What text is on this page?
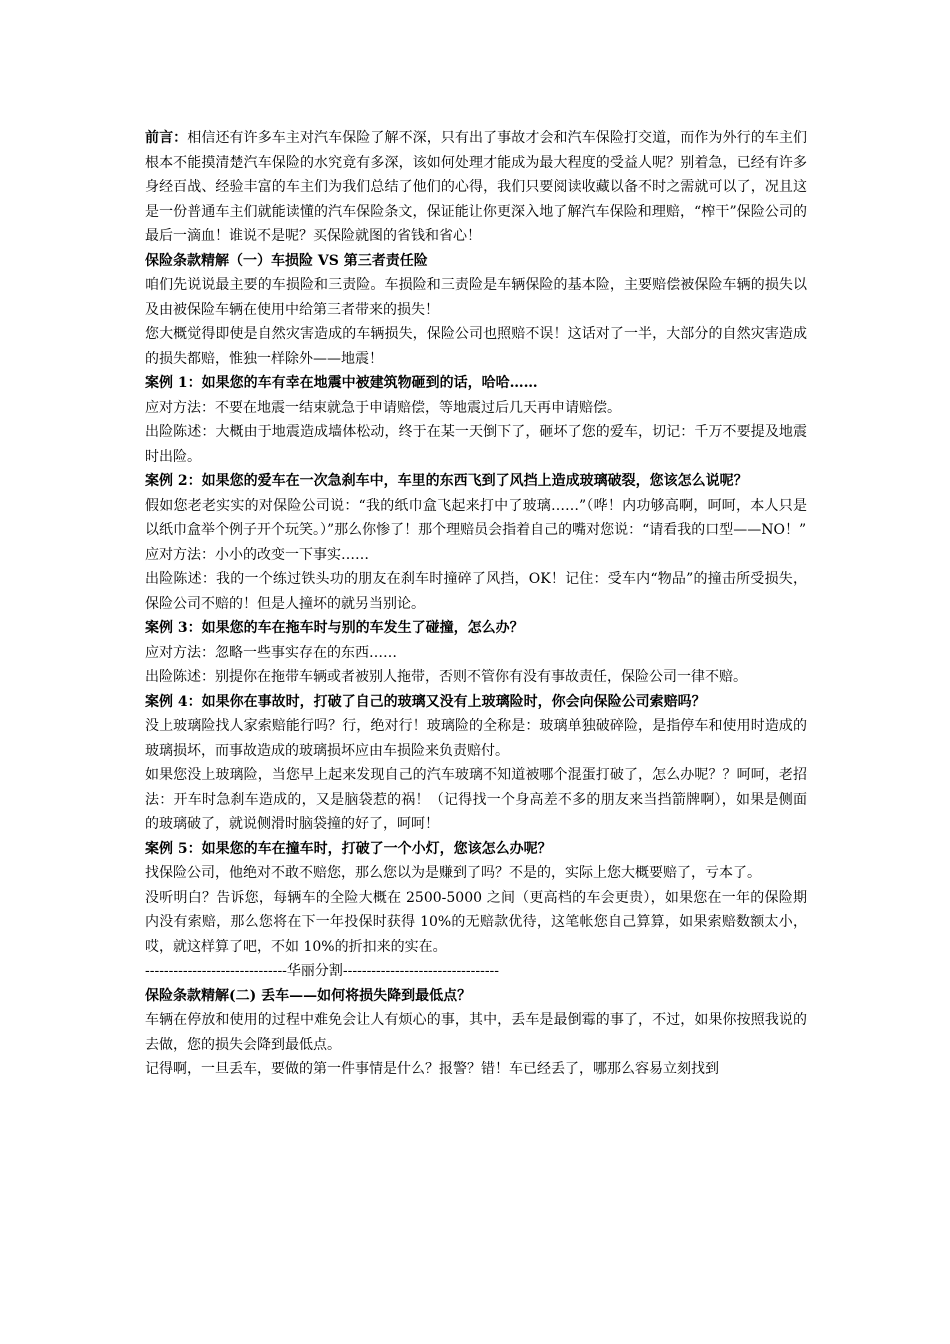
前言：相信还有许多车主对汽车保险了解不深，只有出了事故才会和汽车保险打交道，而作为外行的车主们根本不能摸清楚汽车保险的水究竟有多深，该如何处理才能成为最大程度的受益人呢？别着急，已经有许多身经百战、经验丰富的车主们为我们总结了他们的心得，我们只要阅读收藏以备不时之需就可以了，况且这是一份普通车主们就能读懂的汽车保险条文，保证能让你更深入地了解汽车保险和理赔，“榨干”保险公司的最后一滴血！谁说不是呢？买保险就图的省钱和省心！

保险条款精解（一）车损险 VS 第三者责任险

咱们先说说最主要的车损险和三责险。车损险和三责险是车辆保险的基本险，主要赔偿被保险车辆的损失以及由被保险车辆在使用中给第三者带来的损失！

您大概觉得即使是自然灾害造成的车辆损失，保险公司也照赔不误！这话对了一半，大部分的自然灾害造成的损失都赔，惟独一样除外——地震！

案例 1：如果您的车有幸在地震中被建筑物砸到的话，哈哈……

应对方法：不要在地震一结束就急于申请赔偿，等地震过后几天再申请赔偿。

出险陈述：大概由于地震造成墙体松动，终于在某一天倒下了，砸坏了您的爱车，切记：千万不要提及地震时出险。

案例 2：如果您的爱车在一次急刹车中，车里的东西飞到了风挡上造成玻璃破裂，您该怎么说呢？

假如您老老实实的对保险公司说：“我的纸巾盒飞起来打中了玻璃……”（哗！内功够高啊，呵呵，本人只是以纸巾盒举个例子开个玩笑。）”那么你惨了！那个理赔员会指着自己的嘴对您说：“请看我的口型——NO！”

应对方法：小小的改变一下事实……

出险陈述：我的一个练过铁头功的朋友在刹车时撞碎了风挡，OK！记住：受车内“物品”的撞击所受损失，保险公司不赔的！但是人撞坏的就另当别论。

案例 3：如果您的车在拖车时与别的车发生了碰撞，怎么办？

应对方法：忽略一些事实存在的东西……

出险陈述：别提你在拖带车辆或者被别人拖带，否则不管你有没有事故责任，保险公司一律不赔。

案例 4：如果你在事故时，打破了自己的玻璃又没有上玻璃险时，你会向保险公司索赔吗？

没上玻璃险找人家索赔能行吗？行，绝对行！玻璃险的全称是：玻璃单独破碎险，是指停车和使用时造成的玻璃损坏，而事故造成的玻璃损坏应由车损险来负责赔付。

如果您没上玻璃险，当您早上起来发现自己的汽车玻璃不知道被哪个混蛋打破了，怎么办呢？？呵呵，老招法：开车时急刹车造成的，又是脑袋惹的祸！（记得找一个身高差不多的朋友来当挡箭牌啊），如果是侧面的玻璃破了，就说侧滑时脑袋撞的好了，呵呵！

案例 5：如果您的车在撞车时，打破了一个小灯，您该怎么办呢？

找保险公司，他绝对不敢不赔您，那么您以为是赚到了吗？不是的，实际上您大概要赔了，亏本了。

没听明白？告诉您，每辆车的全险大概在 2500-5000 之间（更高档的车会更贵），如果您在一年的保险期内没有索赔，那么您将在下一年投保时获得 10%的无赔款优待，这笔帐您自己算算，如果索赔数额太小，哎，就这样算了吧，不如 10%的折扣来的实在。

------------------------------华丽分割---------------------------------

保险条款精解(二) 丢车——如何将损失降到最低点？

车辆在停放和使用的过程中难免会让人有烦心的事，其中，丢车是最倒霉的事了，不过，如果你按照我说的去做，您的损失会降到最低点。

记得啊，一旦丢车，要做的第一件事情是什么？报警？错！车已经丢了，哪那么容易立刻找到
